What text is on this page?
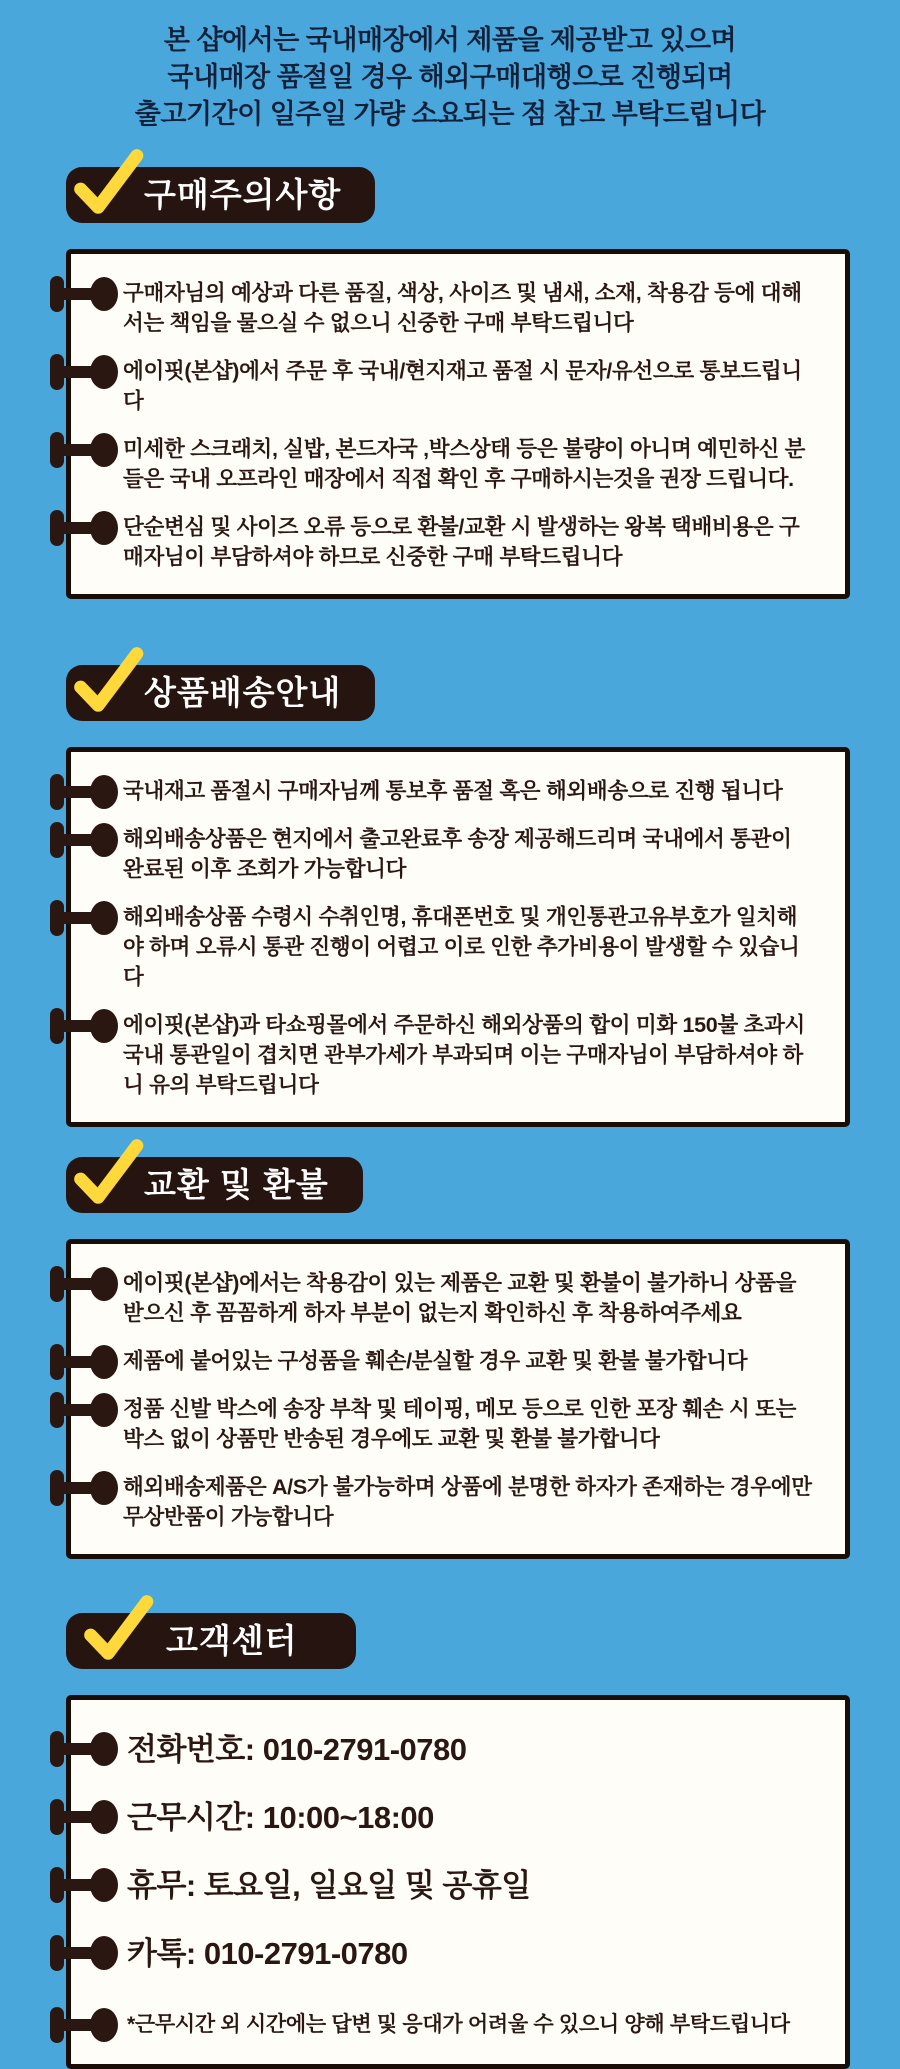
본 샵에서는 국내매장에서 제품을 제공받고 있으며
국내매장 품절일 경우 해외구매대행으로 진행되며
출고기간이 일주일 가량 소요되는 점 참고 부탁드립니다
구매주의사항

구매자님의 예상과 다른 품질, 색상, 사이즈 및 냄새, 소재, 착용감 등에 대해서는 책임을 물으실 수 없으니 신중한 구매 부탁드립니다

에이핏(본샵)에서 주문 후 국내/현지재고 품절 시 문자/유선으로 통보드립니다

미세한 스크래치, 실밥, 본드자국 ,박스상태 등은 불량이 아니며 예민하신 분들은 국내 오프라인 매장에서 직접 확인 후 구매하시는것을 권장 드립니다.

단순변심 및 사이즈 오류 등으로 환불/교환 시 발생하는 왕복 택배비용은 구매자님이 부담하셔야 하므로 신중한 구매 부탁드립니다

상품배송안내

국내재고 품절시 구매자님께 통보후 품절 혹은 해외배송으로 진행 됩니다

해외배송상품은 현지에서 출고완료후 송장 제공해드리며 국내에서 통관이 완료된 이후 조회가 가능합니다

해외배송상품 수령시 수취인명, 휴대폰번호 및 개인통관고유부호가 일치해야 하며 오류시 통관 진행이 어렵고 이로 인한 추가비용이 발생할 수 있습니다

에이핏(본샵)과 타쇼핑몰에서 주문하신 해외상품의 합이 미화 150불 초과시 국내 통관일이 겹치면 관부가세가 부과되며 이는 구매자님이 부담하셔야 하니 유의 부탁드립니다

교환 및 환불

에이핏(본샵)에서는 착용감이 있는 제품은 교환 및 환불이 불가하니 상품을 받으신 후 꼼꼼하게 하자 부분이 없는지 확인하신 후 착용하여주세요

제품에 붙어있는 구성품을 훼손/분실할 경우 교환 및 환불 불가합니다

정품 신발 박스에 송장 부착 및 테이핑, 메모 등으로 인한 포장 훼손 시 또는 박스 없이 상품만 반송된 경우에도 교환 및 환불 불가합니다

해외배송제품은 A/S가 불가능하며 상품에 분명한 하자가 존재하는 경우에만 무상반품이 가능합니다

고객센터

전화번호: 010-2791-0780

근무시간: 10:00~18:00

휴무: 토요일, 일요일 및 공휴일

카톡: 010-2791-0780

*근무시간 외 시간에는 답변 및 응대가 어려울 수 있으니 양해 부탁드립니다
